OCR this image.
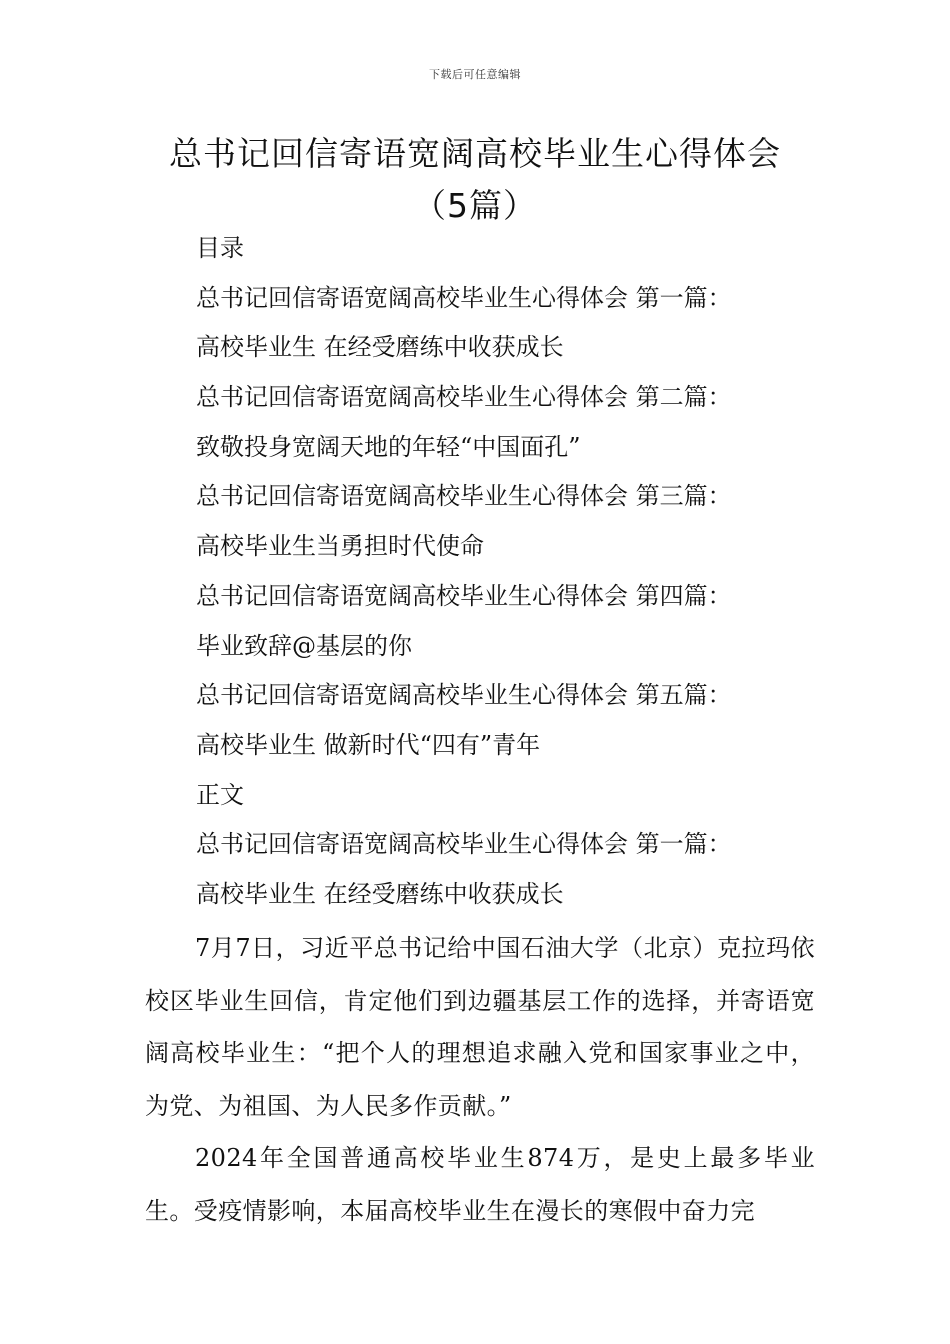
下载后可任意编辑
总书记回信寄语宽阔高校毕业生心得体会
（5篇）
目录
总书记回信寄语宽阔高校毕业生心得体会 第一篇：
高校毕业生 在经受磨练中收获成长
总书记回信寄语宽阔高校毕业生心得体会 第二篇：
致敬投身宽阔天地的年轻“中国面孔”
总书记回信寄语宽阔高校毕业生心得体会 第三篇：
高校毕业生当勇担时代使命
总书记回信寄语宽阔高校毕业生心得体会 第四篇：
毕业致辞@基层的你
总书记回信寄语宽阔高校毕业生心得体会 第五篇：
高校毕业生 做新时代“四有”青年
正文
总书记回信寄语宽阔高校毕业生心得体会 第一篇：
高校毕业生 在经受磨练中收获成长

7月7日，习近平总书记给中国石油大学（北京）克拉玛依校区毕业生回信，肯定他们到边疆基层工作的选择，并寄语宽阔高校毕业生：“把个人的理想追求融入党和国家事业之中，为党、为祖国、为人民多作贡献。”

2024年全国普通高校毕业生874万，是史上最多毕业生。受疫情影响，本届高校毕业生在漫长的寒假中奋力完
